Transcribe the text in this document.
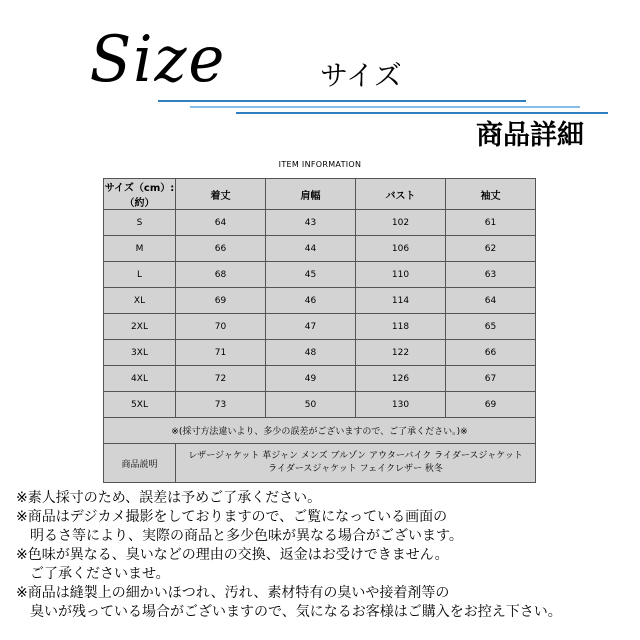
Size	サイズ
商品詳細
ITEM INFORMATION
サイズ（cm）:
（約）	着丈	肩幅	バスト	袖丈
S	64	43	102	61
M	66	44	106	62
L	68	45	110	63
XL	69	46	114	64
2XL	70	47	118	65
3XL	71	48	122	66
4XL	72	49	126	67
5XL	73	50	130	69
※(採寸方法違いより、多少の誤差がございますので、ご了承ください。)※				
商品説明	レザージャケット 革ジャン メンズ ブルゾン アウターバイク ライダースジャケット ライダースジャケット フェイクレザー 秋冬			
※素人採寸のため、誤差は予めご了承ください。
※商品はデジカメ撮影をしておりますので、ご覧になっている画面の
　明るさ等により、実際の商品と多少色味が異なる場合がございます。
※色味が異なる、臭いなどの理由の交換、返金はお受けできません。
　ご了承くださいませ。
※商品は縫製上の細かいほつれ、汚れ、素材特有の臭いや接着剤等の
　臭いが残っている場合がございますので、気になるお客様はご購入をお控え下さい。
